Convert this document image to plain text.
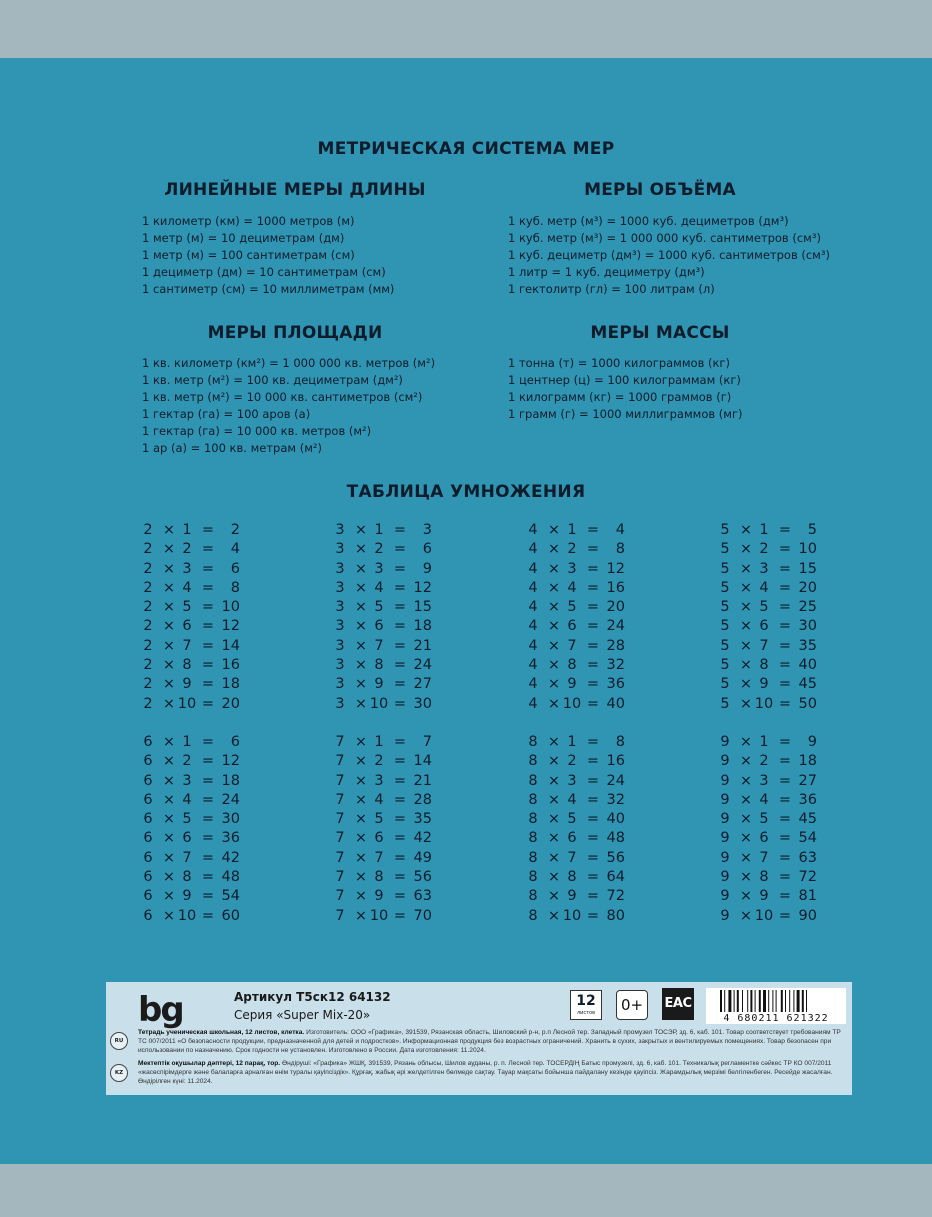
МЕТРИЧЕСКАЯ СИСТЕМА МЕР
ЛИНЕЙНЫЕ МЕРЫ ДЛИНЫ
1 километр (км) = 1000 метров (м)
1 метр (м) = 10 дециметрам (дм)
1 метр (м) = 100 сантиметрам (см)
1 дециметр (дм) = 10 сантиметрам (см)
1 сантиметр (см) = 10 миллиметрам (мм)
МЕРЫ ОБЪЁМА
1 куб. метр (м³) = 1000 куб. дециметров (дм³)
1 куб. метр (м³) = 1 000 000 куб. сантиметров (см³)
1 куб. дециметр (дм³) = 1000 куб. сантиметров (см³)
1 литр = 1 куб. дециметру (дм³)
1 гектолитр (гл) = 100 литрам (л)
МЕРЫ ПЛОЩАДИ
1 кв. километр (км²) = 1 000 000 кв. метров (м²)
1 кв. метр (м²) = 100 кв. дециметрам (дм²)
1 кв. метр (м²) = 10 000 кв. сантиметров (см²)
1 гектар (га) = 100 аров (а)
1 гектар (га) = 10 000 кв. метров (м²)
1 ар (а) = 100 кв. метрам (м²)
МЕРЫ МАССЫ
1 тонна (т) = 1000 килограммов (кг)
1 центнер (ц) = 100 килограммам (кг)
1 килограмм (кг) = 1000 граммов (г)
1 грамм (г) = 1000 миллиграммов (мг)
ТАБЛИЦА УМНОЖЕНИЯ
2 × 1 =	2
2 × 2 =	4
2 × 3 =	6
2 × 4 =	8
2 × 5 = 10
2 × 6 = 12
2 × 7 = 14
2 × 8 = 16
2 × 9 = 18
2 × 10 = 20
3 × 1 =	3
3 × 2 =	6
3 × 3 =	9
3 × 4 = 12
3 × 5 = 15
3 × 6 = 18
3 × 7 = 21
3 × 8 = 24
3 × 9 = 27
3 × 10 = 30
4 × 1 =	4
4 × 2 =	8
4 × 3 = 12
4 × 4 = 16
4 × 5 = 20
4 × 6 = 24
4 × 7 = 28
4 × 8 = 32
4 × 9 = 36
4 × 10 = 40
5 × 1 =	5
5 × 2 = 10
5 × 3 = 15
5 × 4 = 20
5 × 5 = 25
5 × 6 = 30
5 × 7 = 35
5 × 8 = 40
5 × 9 = 45
5 × 10 = 50
6 × 1 =	6
6 × 2 = 12
6 × 3 = 18
6 × 4 = 24
6 × 5 = 30
6 × 6 = 36
6 × 7 = 42
6 × 8 = 48
6 × 9 = 54
6 × 10 = 60
7 × 1 =	7
7 × 2 = 14
7 × 3 = 21
7 × 4 = 28
7 × 5 = 35
7 × 6 = 42
7 × 7 = 49
7 × 8 = 56
7 × 9 = 63
7 × 10 = 70
8 × 1 =	8
8 × 2 = 16
8 × 3 = 24
8 × 4 = 32
8 × 5 = 40
8 × 6 = 48
8 × 7 = 56
8 × 8 = 64
8 × 9 = 72
8 × 10 = 80
9 × 1 =	9
9 × 2 = 18
9 × 3 = 27
9 × 4 = 36
9 × 5 = 45
9 × 6 = 54
9 × 7 = 63
9 × 8 = 72
9 × 9 = 81
9 × 10 = 90
bg	Артикул Т5ск12 64132
Серия «Super Mix-20»
12
листов	0+	EAC
4 680211 621322
RU
Тетрадь ученическая школьная, 12 листов, клетка. Изготовитель: ООО «Графика», 391539, Рязанская область, Шиловский р-н, р.п Лесной тер. Западный промузел ТОСЭР, зд. 6, каб. 101. Товар соответствует требованиям ТР ТС 007/2011 «О безопасности продукции, предназначенной для детей и подростков». Информационная продукция без возрастных ограничений. Хранить в сухих, закрытых и вентилируемых помещениях. Товар безопасен при использовании по назначению. Срок годности не установлен. Изготовлено в России. Дата изготовления: 11.2024.
KZ
Мектептік оқушылар дәптері, 12 парақ, тор. Өндіруші: «Графика» ЖШҚ, 391539, Рязань облысы, Шилов ауданы, р. п. Лесной тер. ТОСЕРДІҢ Батыс промузелі, зд. 6, каб. 101. Техникалық регламентке сәйкес ТР КО 007/2011 «жасөспірімдерге және балаларға арналған өнім туралы қауіпсіздік». Құрғақ, жабық әрі желдетілген бөлмеде сақтау. Тауар мақсаты бойынша пайдалану кезінде қауіпсіз. Жарамдылық мерзімі белгіленбеген. Ресейде жасалған. Өндірілген күні: 11.2024.
